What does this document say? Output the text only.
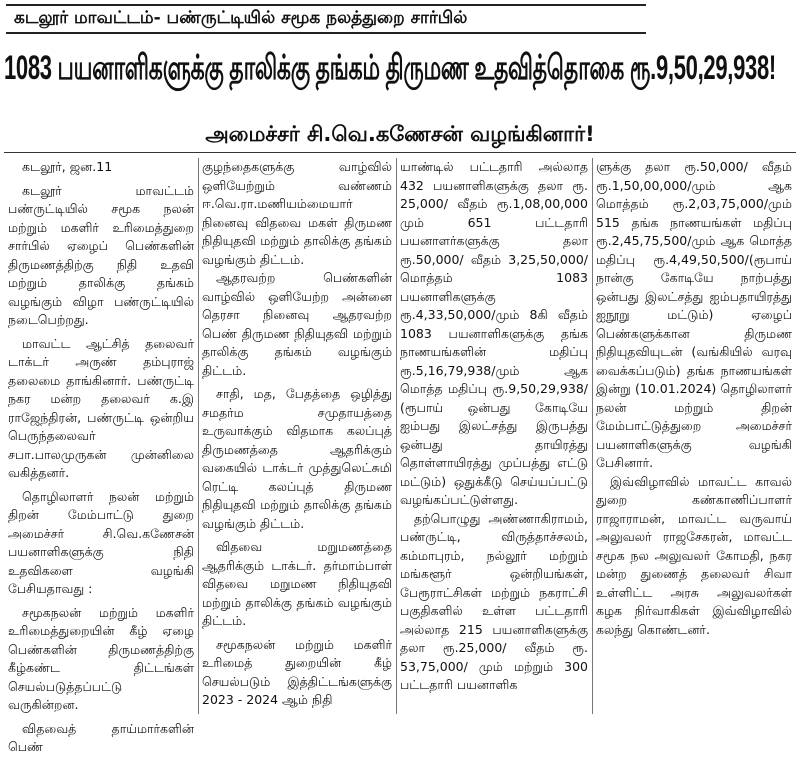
கடலூர் மாவட்டம்- பண்ருட்டியில் சமூக நலத்துறை சார்பில்
1083 பயனாளிகளுக்கு தாலிக்கு தங்கம் திருமண உதவித்தொகை ரூ.9,50,29,938!
அமைச்சர் சி.வெ.கணேசன் வழங்கினார்!

கடலூர், ஜன.11

கடலூர் மாவட்டம் பண்ருட்டியில் சமூக நலன் மற்றும் மகளிர் உரிமைத்துறை சார்பில் ஏழைப் பெண்களின் திருமணத்திற்கு நிதி உதவி மற்றும் தாலிக்கு தங்கம் வழங்கும் விழா பண்ருட்டியில் நடைபெற்றது.

மாவட்ட ஆட்சித் தலைவர் டாக்டர் அருண் தம்புராஜ் தலைமை தாங்கினார். பண்ருட்டி நகர மன்ற தலைவர் க.இ ராஜேந்திரன், பண்ருட்டி ஒன்றிய பெருந்தலைவர் சபா.பாலமுருகன் முன்னிலை வகித்தனர்.

தொழிலாளர் நலன் மற்றும் திறன் மேம்பாட்டு துறை அமைச்சர் சி.வெ.கணேசன் பயனாளிகளுக்கு நிதி உதவிகளை வழங்கி பேசியதாவது :

சமூகநலன் மற்றும் மகளிர் உரிமைத்துறையின் கீழ் ஏழை பெண்களின் திருமணத்திற்கு கீழ்கண்ட திட்டங்கள் செயல்படுத்தப்பட்டு வருகின்றன.

விதவைத் தாய்மார்களின் பெண்

குழந்தைகளுக்கு வாழ்வில் ஒளியேற்றும் வண்ணம் ஈ.வெ.ரா.மணியம்மையார் நினைவு விதவை மகள் திருமண நிதியுதவி மற்றும் தாலிக்கு தங்கம் வழங்கும் திட்டம்.

ஆதரவற்ற பெண்களின் வாழ்வில் ஒளியேற்ற அன்னை தெரசா நினைவு ஆதரவற்ற பெண் திருமண நிதியுதவி மற்றும் தாலிக்கு தங்கம் வழங்கும் திட்டம்.

சாதி, மத, பேதத்தை ஒழித்து சமதர்ம சமுதாயத்தை உருவாக்கும் விதமாக கலப்புத் திருமணத்தை ஆதரிக்கும் வகையில் டாக்டர் முத்துலெட்சுமி ரெட்டி கலப்புத் திருமண நிதியுதவி மற்றும் தாலிக்கு தங்கம் வழங்கும் திட்டம்.

விதவை மறுமணத்தை ஆதரிக்கும் டாக்டர். தர்மாம்பாள் விதவை மறுமண நிதியுதவி மற்றும் தாலிக்கு தங்கம் வழங்கும் திட்டம்.

சமூகநலன் மற்றும் மகளிர் உரிமைத் துறையின் கீழ் செயல்படும் இத்திட்டங்களுக்கு 2023 - 2024 ஆம் நிதி

யாண்டில் பட்டதாரி அல்லாத 432 பயனாளிகளுக்கு தலா ரூ. 25,000/ வீதம் ரூ.1,08,00,000 மும் 651 பட்டதாரி பயனாளர்களுக்கு தலா ரூ.50,000/ வீதம் 3,25,50,000/ மொத்தம் 1083 பயனாளிகளுக்கு ரூ.4,33,50,000/மும் 8கி வீதம் 1083 பயனாளிகளுக்கு தங்க நாணயங்களின் மதிப்பு ரூ.5,16,79,938/மும் ஆக மொத்த மதிப்பு ரூ.9,50,29,938/ (ரூபாய் ஒன்பது கோடியே ஐம்பது இலட்சத்து இருபத்து ஒன்பது தாயிரத்து தொள்ளாயிரத்து முப்பத்து எட்டு மட்டும்) ஒதுக்கீடு செய்யப்பட்டு வழங்கப்பட்டுள்ளது.

தற்பொழுது அண்ணாகிராமம், பண்ருட்டி, விருத்தாச்சலம், கம்மாபுரம், நல்லூர் மற்றும் மங்களூர் ஒன்றியங்கள், பேரூராட்சிகள் மற்றும் நகராட்சி பகுதிகளில் உள்ள பட்டதாரி அல்லாத 215 பயனாளிகளுக்கு தலா ரூ.25,000/ வீதம் ரூ. 53,75,000/ மும் மற்றும் 300 பட்டதாரி பயனாளிக

ளுக்கு தலா ரூ.50,000/ வீதம் ரூ.1,50,00,000/மும் ஆக மொத்தம் ரூ.2,03,75,000/மும் 515 தங்க நாணயங்கள் மதிப்பு ரூ.2,45,75,500/மும் ஆக மொத்த மதிப்பு ரூ.4,49,50,500/(ரூபாய் நான்கு கோடியே நாற்பத்து ஒன்பது இலட்சத்து ஐம்பதாயிரத்து ஐநூறு மட்டும்) ஏழைப் பெண்களுக்கான திருமண நிதியுதவியுடன் (வங்கியில் வரவு வைக்கப்படும்) தங்க நாணயங்கள் இன்று (10.01.2024) தொழிலாளர் நலன் மற்றும் திறன் மேம்பாட்டுத்துறை அமைச்சர் பயனாளிகளுக்கு வழங்கி பேசினார்.

இவ்விழாவில் மாவட்ட காவல் துறை கண்காணிப்பாளர் ராஜாராமன், மாவட்ட வருவாய் அலுவலர் ராஜசேகரன், மாவட்ட சமூக நல அலுவலர் கோமதி, நகர மன்ற துணைத் தலைவர் சிவா உள்ளிட்ட அரசு அலுவலர்கள் கழக நிர்வாகிகள் இவ்விழாவில் கலந்து கொண்டனர்.
